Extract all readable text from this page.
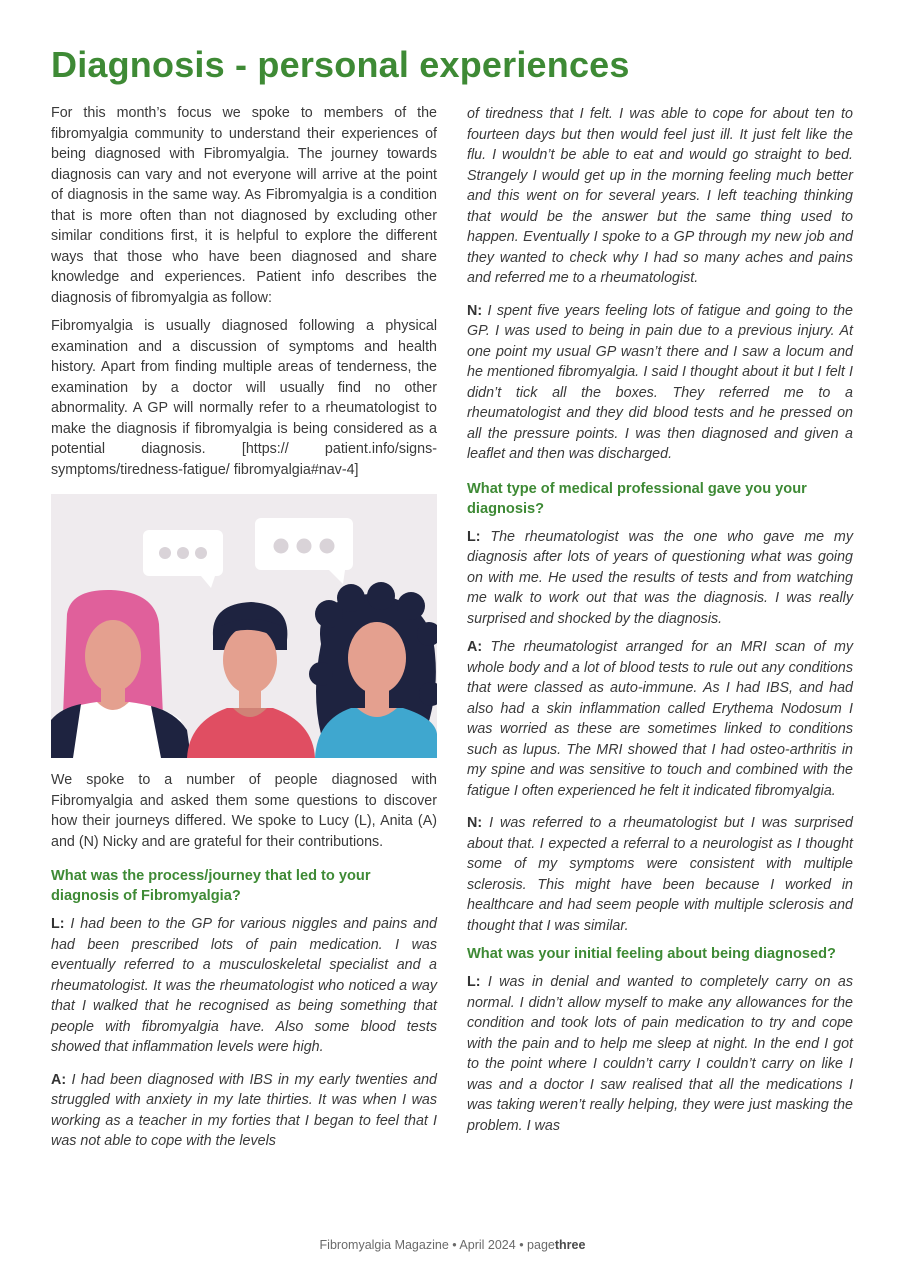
Diagnosis - personal experiences

For this month’s focus we spoke to members of the fibromyalgia community to understand their experiences of being diagnosed with Fibromyalgia. The journey towards diagnosis can vary and not everyone will arrive at the point of diagnosis in the same way. As Fibromyalgia is a condition that is more often than not diagnosed by excluding other similar conditions first, it is helpful to explore the different ways that those who have been diagnosed and share knowledge and experiences. Patient info describes the diagnosis of fibromyalgia as follow:

Fibromyalgia is usually diagnosed following a physical examination and a discussion of symptoms and health history. Apart from finding multiple areas of tenderness, the examination by a doctor will usually find no other abnormality. A GP will normally refer to a rheumatologist to make the diagnosis if fibromyalgia is being considered as a potential diagnosis. [https:// patient.info/signs-symptoms/tiredness-fatigue/ fibromyalgia#nav-4]

We spoke to a number of people diagnosed with Fibromyalgia and asked them some questions to discover how their journeys differed. We spoke to Lucy (L), Anita (A) and (N) Nicky and are grateful for their contributions.

What was the process/journey that led to your diagnosis of Fibromyalgia?

L: I had been to the GP for various niggles and pains and had been prescribed lots of pain medication. I was eventually referred to a musculoskeletal specialist and a rheumatologist. It was the rheumatologist who noticed a way that I walked that he recognised as being something that people with fibromyalgia have. Also some blood tests showed that inflammation levels were high.

A: I had been diagnosed with IBS in my early twenties and struggled with anxiety in my late thirties. It was when I was working as a teacher in my forties that I began to feel that I was not able to cope with the levels

of tiredness that I felt. I was able to cope for about ten to fourteen days but then would feel just ill. It just felt like the flu. I wouldn’t be able to eat and would go straight to bed. Strangely I would get up in the morning feeling much better and this went on for several years. I left teaching thinking that would be the answer but the same thing used to happen. Eventually I spoke to a GP through my new job and they wanted to check why I had so many aches and pains and referred me to a rheumatologist.

N: I spent five years feeling lots of fatigue and going to the GP. I was used to being in pain due to a previous injury. At one point my usual GP wasn’t there and I saw a locum and he mentioned fibromyalgia. I said I thought about it but I felt I didn’t tick all the boxes. They referred me to a rheumatologist and they did blood tests and he pressed on all the pressure points. I was then diagnosed and given a leaflet and then was discharged.

What type of medical professional gave you your diagnosis?

L: The rheumatologist was the one who gave me my diagnosis after lots of years of questioning what was going on with me. He used the results of tests and from watching me walk to work out that was the diagnosis. I was really surprised and shocked by the diagnosis.

A: The rheumatologist arranged for an MRI scan of my whole body and a lot of blood tests to rule out any conditions that were classed as auto-immune. As I had IBS, and had also had a skin inflammation called Erythema Nodosum I was worried as these are sometimes linked to conditions such as lupus. The MRI showed that I had osteo-arthritis in my spine and was sensitive to touch and combined with the fatigue I often experienced he felt it indicated fibromyalgia.

N: I was referred to a rheumatologist but I was surprised about that. I expected a referral to a neurologist as I thought some of my symptoms were consistent with multiple sclerosis. This might have been because I worked in healthcare and had seem people with multiple sclerosis and thought that I was similar.

What was your initial feeling about being diagnosed?

L: I was in denial and wanted to completely carry on as normal. I didn’t allow myself to make any allowances for the condition and took lots of pain medication to try and cope with the pain and to help me sleep at night. In the end I got to the point where I couldn’t carry I couldn’t carry on like I was and a doctor I saw realised that all the medications I was taking weren’t really helping, they were just masking the problem. I was

Fibromyalgia Magazine • April 2024 • pagethree
